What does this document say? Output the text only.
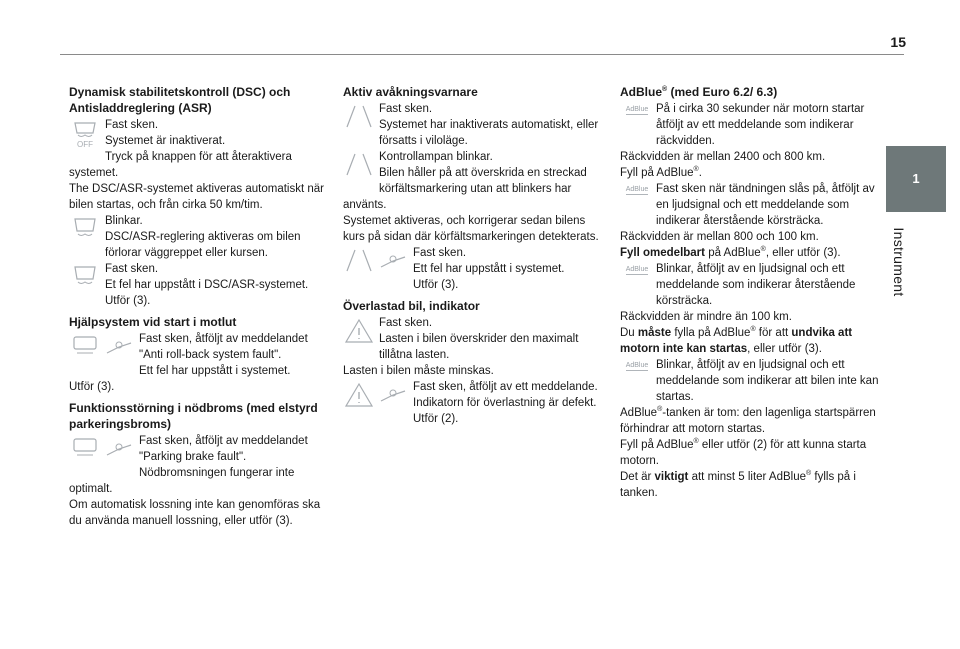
15
1
Instrument
Dynamisk stabilitetskontroll (DSC) och Antisladdreglering (ASR)
OFF

Fast sken.

Systemet är inaktiverat.

Tryck på knappen för att återaktivera systemet.

The DSC/ASR-systemet aktiveras automatiskt när bilen startas, och från cirka 50 km/tim.

Blinkar.

DSC/ASR-reglering aktiveras om bilen förlorar väggreppet eller kursen.

Fast sken.

Et fel har uppstått i DSC/ASR-systemet.

Utför (3).

Hjälpsystem vid start i motlut

Fast sken, åtföljt av meddelandet "Anti roll-back system fault".

Ett fel har uppstått i systemet.

Utför (3).

Funktionsstörning i nödbroms (med elstyrd parkeringsbroms)

Fast sken, åtföljt av meddelandet "Parking brake fault".

Nödbromsningen fungerar inte optimalt.

Om automatisk lossning inte kan genomföras ska du använda manuell lossning, eller utför (3).

Aktiv avåkningsvarnare

Fast sken.

Systemet har inaktiverats automatiskt, eller försatts i viloläge.

Kontrollampan blinkar.

Bilen håller på att överskrida en streckad körfältsmarkering utan att blinkers har använts.

Systemet aktiveras, och korrigerar sedan bilens kurs på sidan där körfältsmarkeringen detekterats.

Fast sken.

Ett fel har uppstått i systemet.

Utför (3).

Överlastad bil, indikator

Fast sken.

Lasten i bilen överskrider den maximalt tillåtna lasten.

Lasten i bilen måste minskas.

Fast sken, åtföljt av ett meddelande.

Indikatorn för överlastning är defekt.

Utför (2).

AdBlue® (med Euro 6.2/ 6.3)
AdBlue På i cirka 30 sekunder när motorn startar åtföljt av ett meddelande som indikerar räckvidden.

Räckvidden är mellan 2400 och 800 km.

Fyll på AdBlue®.

AdBlue Fast sken när tändningen slås på, åtföljt av en ljudsignal och ett meddelande som indikerar återstående körsträcka.

Räckvidden är mellan 800 och 100 km.

Fyll omedelbart på AdBlue®, eller utför (3).

AdBlue Blinkar, åtföljt av en ljudsignal och ett meddelande som indikerar återstående körsträcka.

Räckvidden är mindre än 100 km.

Du måste fylla på AdBlue® för att undvika att motorn inte kan startas, eller utför (3).

AdBlue Blinkar, åtföljt av en ljudsignal och ett meddelande som indikerar att bilen inte kan startas.

AdBlue®-tanken är tom: den lagenliga startspärren förhindrar att motorn startas.

Fyll på AdBlue® eller utför (2) för att kunna starta motorn.

Det är viktigt att minst 5 liter AdBlue® fylls på i tanken.
